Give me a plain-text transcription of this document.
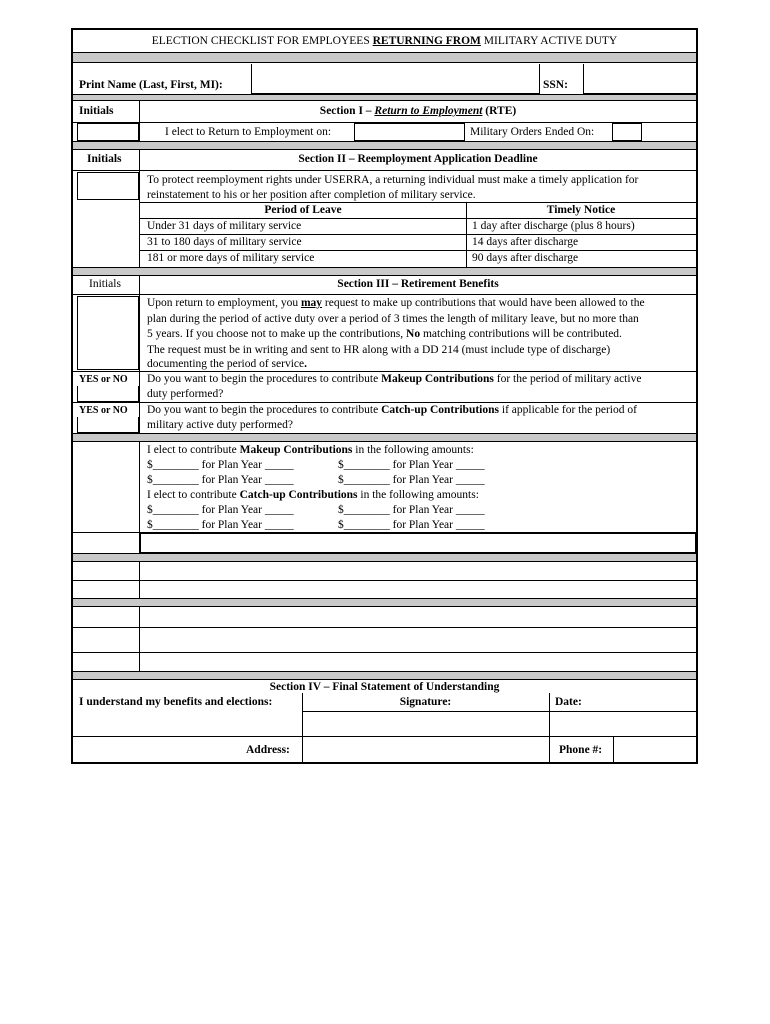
ELECTION CHECKLIST FOR EMPLOYEES RETURNING FROM MILITARY ACTIVE DUTY
Print Name (Last, First, MI):	SSN:
Initials	Section I – Return to Employment (RTE)
I elect to Return to Employment on:	Military Orders Ended On:
Initials	Section II – Reemployment Application Deadline
To protect reemployment rights under USERRA, a returning individual must make a timely application for
reinstatement to his or her position after completion of military service.
Period of Leave	Timely Notice
Under 31 days of military service	1 day after discharge (plus 8 hours)
31 to 180 days of military service	14 days after discharge
181 or more days of military service	90 days after discharge
Initials	Section III – Retirement Benefits
Upon return to employment, you may request to make up contributions that would have been allowed to the
plan during the period of active duty over a period of 3 times the length of military leave, but no more than
5 years. If you choose not to make up the contributions, No matching contributions will be contributed.
The request must be in writing and sent to HR along with a DD 214 (must include type of discharge)
documenting the period of service.
YES or NO Do you want to begin the procedures to contribute Makeup Contributions for the period of military active
duty performed?
YES or NO Do you want to begin the procedures to contribute Catch-up Contributions if applicable for the period of
military active duty performed?
I elect to contribute Makeup Contributions in the following amounts:
$________ for Plan Year _____	$________ for Plan Year _____
$________ for Plan Year _____	$________ for Plan Year _____
I elect to contribute Catch-up Contributions in the following amounts:
$________ for Plan Year _____	$________ for Plan Year _____
$________ for Plan Year _____	$________ for Plan Year _____
Section IV – Final Statement of Understanding
I understand my benefits and elections:	Signature:	Date:
Address:	Phone #:
